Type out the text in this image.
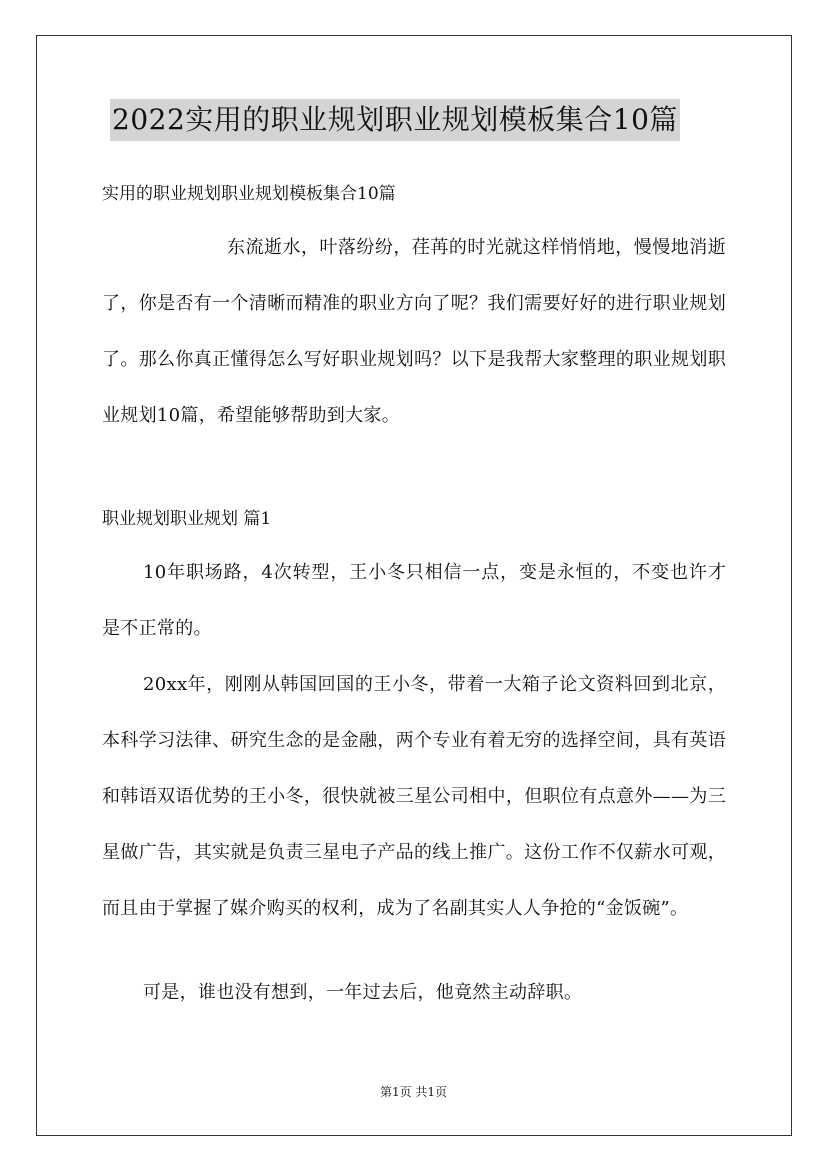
2022实用的职业规划职业规划模板集合10篇
实用的职业规划职业规划模板集合10篇

东流逝水，叶落纷纷，荏苒的时光就这样悄悄地，慢慢地消逝了，你是否有一个清晰而精准的职业方向了呢？我们需要好好的进行职业规划了。那么你真正懂得怎么写好职业规划吗？以下是我帮大家整理的职业规划职业规划10篇，希望能够帮助到大家。

职业规划职业规划 篇1

10年职场路，4次转型，王小冬只相信一点，变是永恒的，不变也许才是不正常的。

20xx年，刚刚从韩国回国的王小冬，带着一大箱子论文资料回到北京，本科学习法律、研究生念的是金融，两个专业有着无穷的选择空间，具有英语和韩语双语优势的王小冬，很快就被三星公司相中，但职位有点意外——为三星做广告，其实就是负责三星电子产品的线上推广。这份工作不仅薪水可观，而且由于掌握了媒介购买的权利，成为了名副其实人人争抢的“金饭碗”。

可是，谁也没有想到，一年过去后，他竟然主动辞职。

第1页 共1页
